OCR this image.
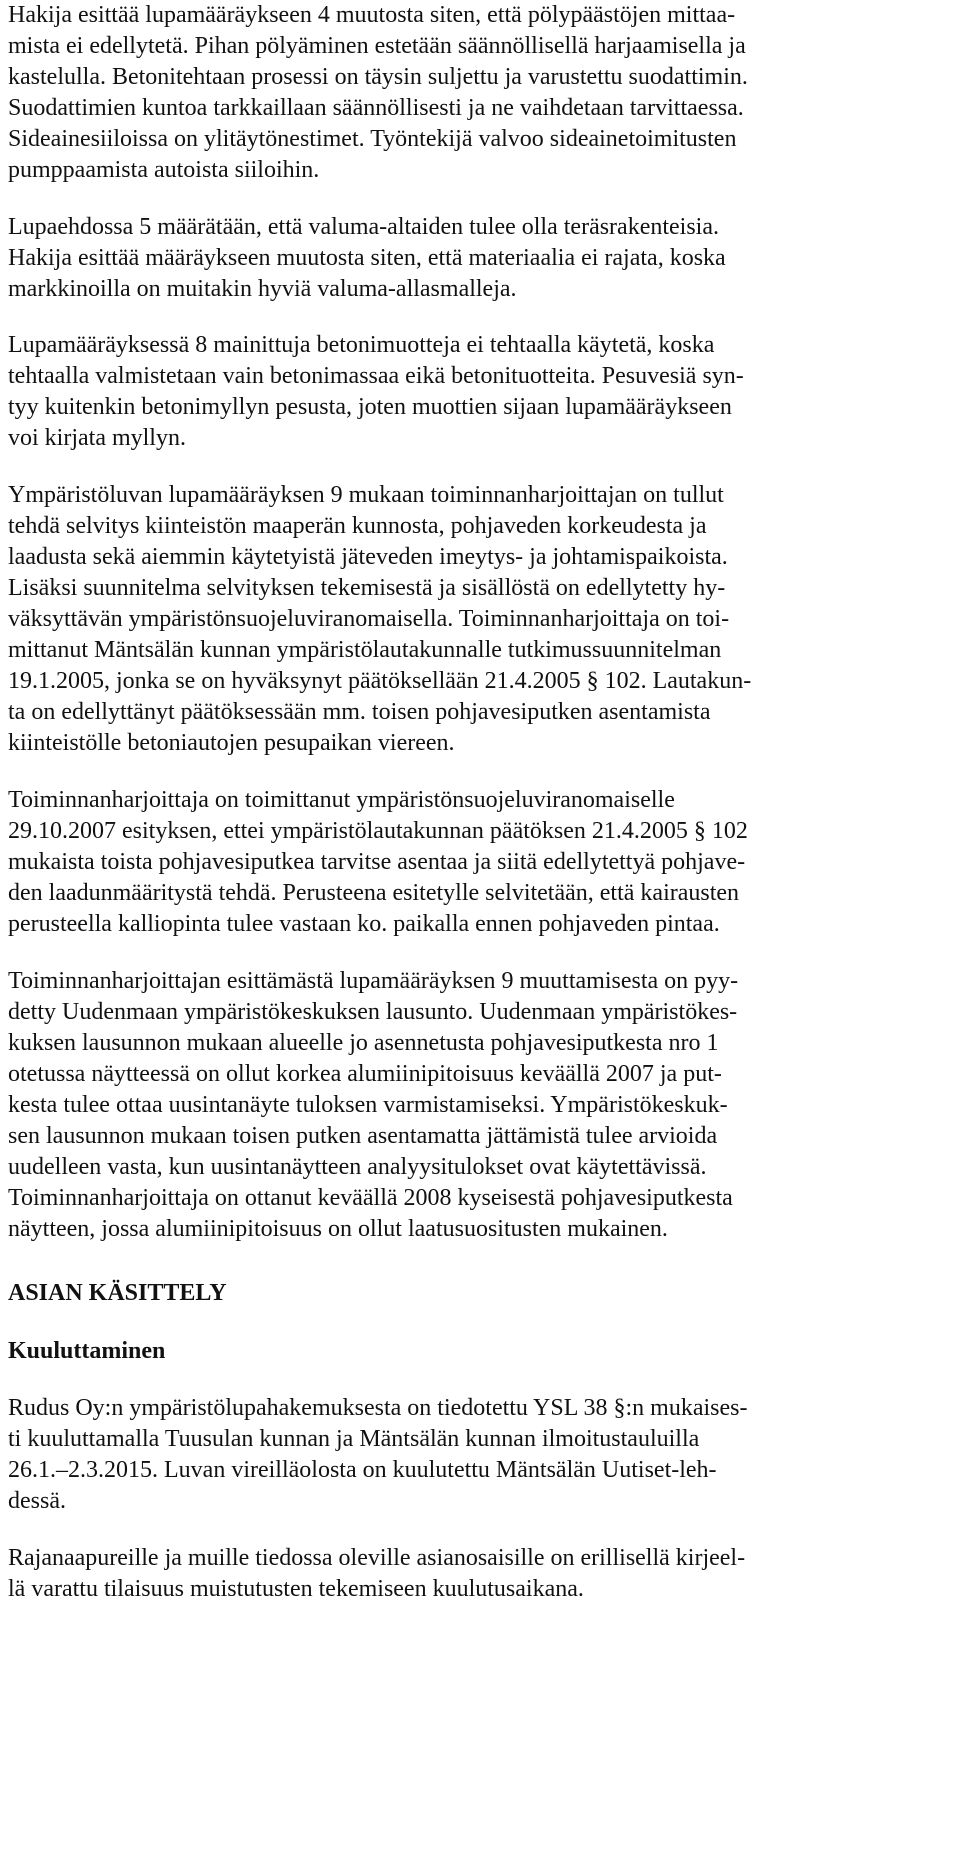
Hakija esittää lupamääräykseen 4 muutosta siten, että pölypäästöjen mittaa-
mista ei edellytetä. Pihan pölyäminen estetään säännöllisellä harjaamisella ja
kastelulla. Betonitehtaan prosessi on täysin suljettu ja varustettu suodattimin.
Suodattimien kuntoa tarkkaillaan säännöllisesti ja ne vaihdetaan tarvittaessa.
Sideainesiiloissa on ylitäytönestimet. Työntekijä valvoo sideainetoimitusten
pumppaamista autoista siiloihin.
Lupaehdossa 5 määrätään, että valuma-altaiden tulee olla teräsrakenteisia.
Hakija esittää määräykseen muutosta siten, että materiaalia ei rajata, koska
markkinoilla on muitakin hyviä valuma-allasmalleja.
Lupamääräyksessä 8 mainittuja betonimuotteja ei tehtaalla käytetä, koska
tehtaalla valmistetaan vain betonimassaa eikä betonituotteita. Pesuvesiä syn-
tyy kuitenkin betonimyllyn pesusta, joten muottien sijaan lupamääräykseen
voi kirjata myllyn.
Ympäristöluvan lupamääräyksen 9 mukaan toiminnanharjoittajan on tullut
tehdä selvitys kiinteistön maaperän kunnosta, pohjaveden korkeudesta ja
laadusta sekä aiemmin käytetyistä jäteveden imeytys- ja johtamispaikoista.
Lisäksi suunnitelma selvityksen tekemisestä ja sisällöstä on edellytetty hy-
väksyttävän ympäristönsuojeluviranomaisella. Toiminnanharjoittaja on toi-
mittanut Mäntsälän kunnan ympäristölautakunnalle tutkimussuunnitelman
19.1.2005, jonka se on hyväksynyt päätöksellään 21.4.2005 § 102. Lautakun-
ta on edellyttänyt päätöksessään mm. toisen pohjavesiputken asentamista
kiinteistölle betoniautojen pesupaikan viereen.
Toiminnanharjoittaja on toimittanut ympäristönsuojeluviranomaiselle
29.10.2007 esityksen, ettei ympäristölautakunnan päätöksen 21.4.2005 § 102
mukaista toista pohjavesiputkea tarvitse asentaa ja siitä edellytettyä pohjave-
den laadunmääritystä tehdä. Perusteena esitetylle selvitetään, että kairausten
perusteella kalliopinta tulee vastaan ko. paikalla ennen pohjaveden pintaa.
Toiminnanharjoittajan esittämästä lupamääräyksen 9 muuttamisesta on pyy-
detty Uudenmaan ympäristökeskuksen lausunto. Uudenmaan ympäristökes-
kuksen lausunnon mukaan alueelle jo asennetusta pohjavesiputkesta nro 1
otetussa näytteessä on ollut korkea alumiinipitoisuus keväällä 2007 ja put-
kesta tulee ottaa uusintanäyte tuloksen varmistamiseksi. Ympäristökeskuk-
sen lausunnon mukaan toisen putken asentamatta jättämistä tulee arvioida
uudelleen vasta, kun uusintanäytteen analyysitulokset ovat käytettävissä.
Toiminnanharjoittaja on ottanut keväällä 2008 kyseisestä pohjavesiputkesta
näytteen, jossa alumiinipitoisuus on ollut laatusuositusten mukainen.
ASIAN KÄSITTELY
Kuuluttaminen
Rudus Oy:n ympäristölupahakemuksesta on tiedotettu YSL 38 §:n mukaises-
ti kuuluttamalla Tuusulan kunnan ja Mäntsälän kunnan ilmoitustauluilla
26.1.–2.3.2015. Luvan vireilläolosta on kuulutettu Mäntsälän Uutiset-leh-
dessä.
Rajanaapureille ja muille tiedossa oleville asianosaisille on erillisellä kirjeel-
lä varattu tilaisuus muistutusten tekemiseen kuulutusaikana.
